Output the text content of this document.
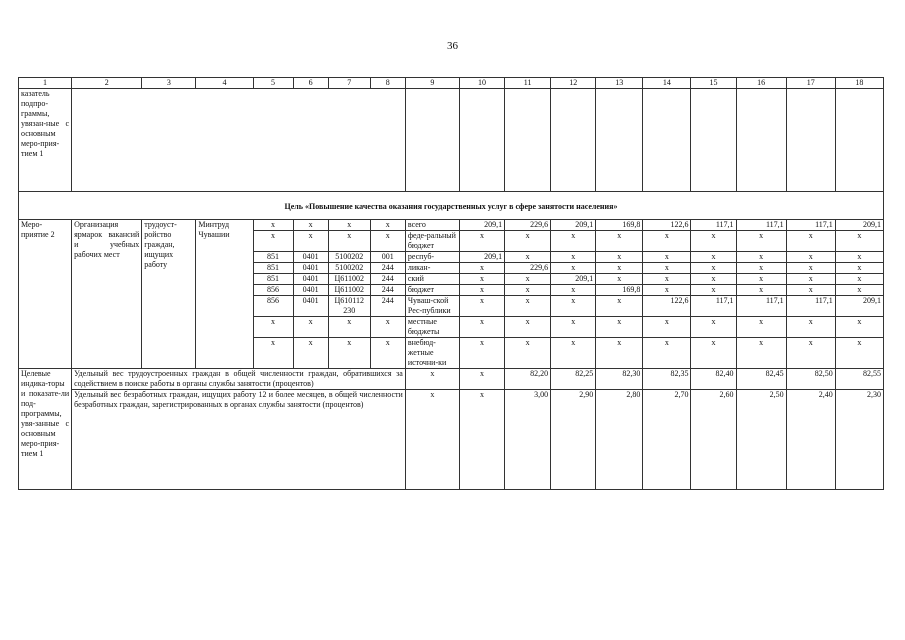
36
1	2	3	4	5	6	7	8	9	10	11	12	13	14	15	16	17	18
казатель подпро-граммы, увязан-ные с основным меро-прия-тием 1																	
Цель «Повышение качества оказания государственных услуг в сфере занятости населения»																	
Меро-приятие 2	Организация ярмарок вакансий и учебных рабочих мест	трудоуст-ройство граждан, ищущих работу	Минтруд Чувашии	x	x	x	x	всего	209,1	229,6	209,1	169,8	122,6	117,1	117,1	117,1	209,1
				x	x	x	x	феде-ральный бюджет	x	x	x	x	x	x	x	x	x
				851	0401	5100202	001	респуб-	209,1	x	x	x	x	x	x	x	x
				851	0401	5100202	244	ликан-	x	229,6	x	x	x	x	x	x	x
				851	0401	Ц611002	244	ский	x	x	209,1	x	x	x	x	x	x
				856	0401	Ц611002	244	бюджет	x	x	x	169,8	x	x	x	x	x
				856	0401	Ц610112 230	244	Чуваш-ской Рес-публики	x	x	x	x	122,6	117,1	117,1	117,1	209,1
				x	x	x	x	местные бюджеты	x	x	x	x	x	x	x	x	x
				x	x	x	x	внебюд-жетные источни-ки	x	x	x	x	x	x	x	x	x
Целевые индика-торы и показате-ли под-программы, увя-занные с основным меро-прия-тием 1	Удельный вес трудоустроенных граждан в общей численности граждан, обратившихся за содействием в поиске работы в органы службы занятости (процентов)							x	x	82,20	82,25	82,30	82,35	82,40	82,45	82,50	82,55
	Удельный вес безработных граждан, ищущих работу 12 и более месяцев, в общей численности безработных граждан, зарегистрированных в органах службы занятости (процентов)							x	x	3,00	2,90	2,80	2,70	2,60	2,50	2,40	2,30
